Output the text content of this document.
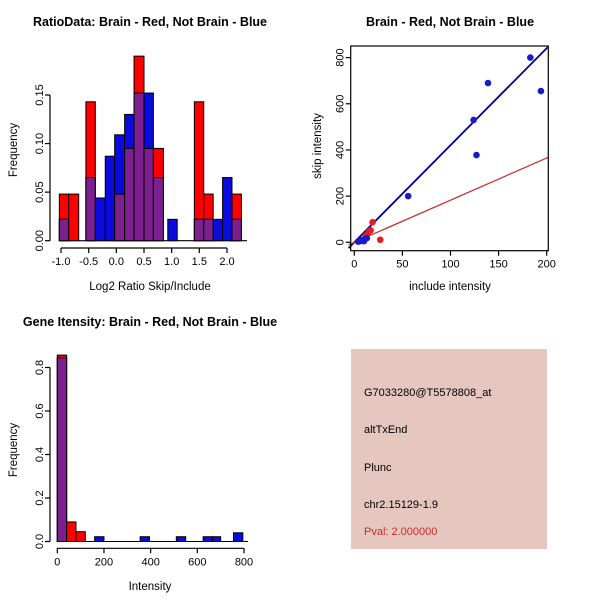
0.00
0.05
0.10
0.15
-1.0 -0.5 0.0 0.5 1.0 1.5 2.0
RatioData: Brain - Red, Not Brain - Blue
Log2 Ratio Skip/Include
Frequency
0
200
400
600
800
0	50	100	150	200
Brain - Red, Not Brain - Blue
include intensity
skip intensity
0.0
0.2
0.4
0.6
0.8
0	200	400	600	800
Gene Itensity: Brain - Red, Not Brain - Blue
Intensity
Frequency
G7033280@T5578808_at
altTxEnd
Plunc
chr2.15129-1.9
Pval: 2.000000
